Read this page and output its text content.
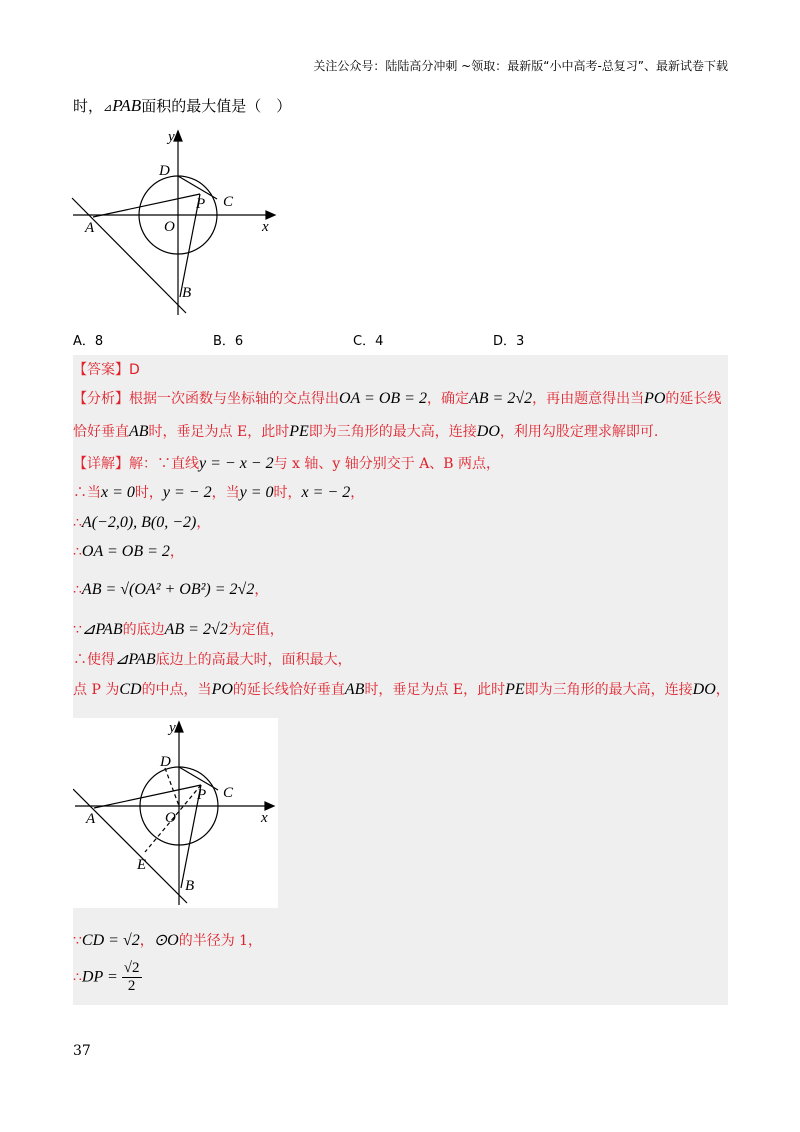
关注公众号：陆陆高分冲刺 ~领取：最新版“小中高考-总复习”、最新试卷下载
时，⊿PAB面积的最大值是（　）
y
x
D
P C
A	O
B
A．8	B．6	C．4	D．3
【答案】D
【分析】根据一次函数与坐标轴的交点得出OA = OB = 2，确定AB = 2√2，再由题意得出当PO的延长线
恰好垂直AB时，垂足为点 E，此时PE即为三角形的最大高，连接DO，利用勾股定理求解即可.
【详解】解：∵直线y = − x − 2与 x 轴、y 轴分别交于 A、B 两点，
∴当x = 0时，y = − 2，当y = 0时，x = − 2，
∴A(−2,0), B(0, −2)，
∴OA = OB = 2，
∴AB = √(OA² + OB²) = 2√2，
∵⊿PAB的底边AB = 2√2为定值，
∴使得⊿PAB底边上的高最大时，面积最大，
点 P 为CD的中点，当PO的延长线恰好垂直AB时，垂足为点 E，此时PE即为三角形的最大高，连接DO，
y
x
D
P C
A	O
E
B
∵CD = √2，⊙O的半径为 1，
∴DP = $\frac{√2}{2}$
37
